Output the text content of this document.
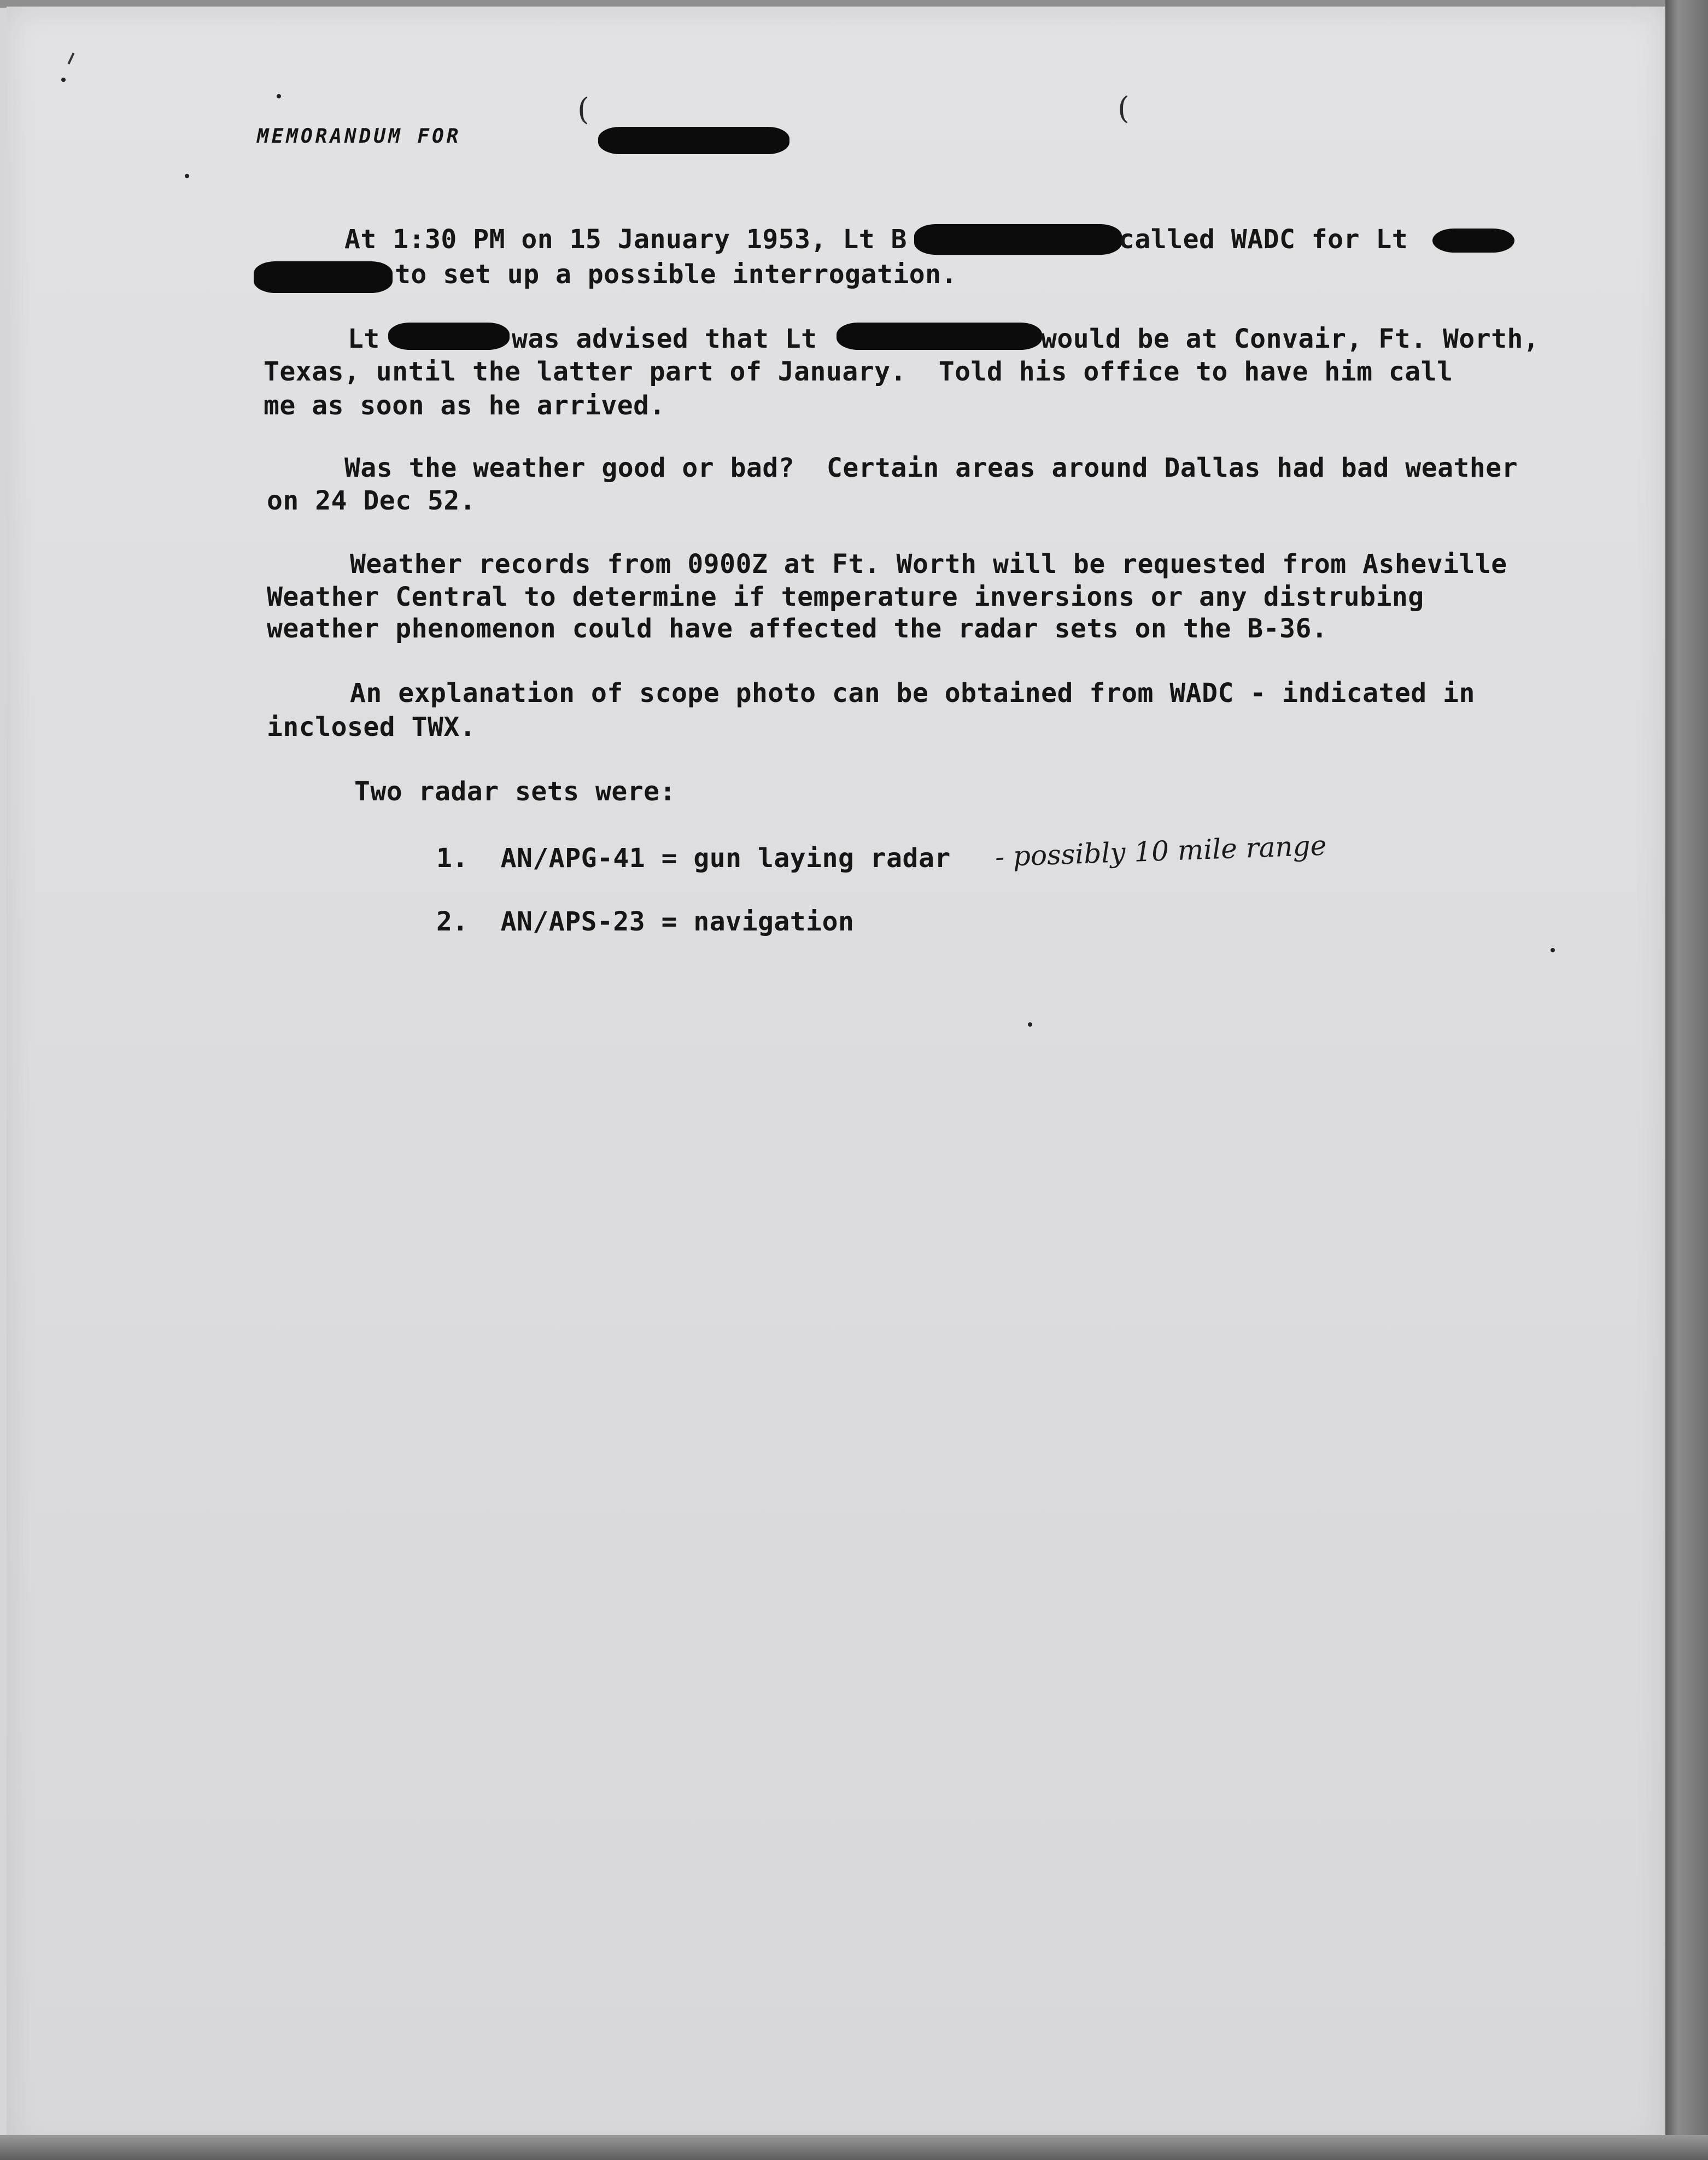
(	(
MEMORANDUM FOR
At 1:30 PM on 15 January 1953, Lt B	called WADC for Lt
to set up a possible interrogation.
Lt	was advised that Lt	would be at Convair, Ft. Worth,
Texas, until the latter part of January.  Told his office to have him call
me as soon as he arrived.
Was the weather good or bad?  Certain areas around Dallas had bad weather
on 24 Dec 52.
Weather records from 0900Z at Ft. Worth will be requested from Asheville
Weather Central to determine if temperature inversions or any distrubing
weather phenomenon could have affected the radar sets on the B-36.
An explanation of scope photo can be obtained from WADC - indicated in
inclosed TWX.
Two radar sets were:
1.  AN/APG-41 = gun laying radar - possibly 10 mile range
2.  AN/APS-23 = navigation
